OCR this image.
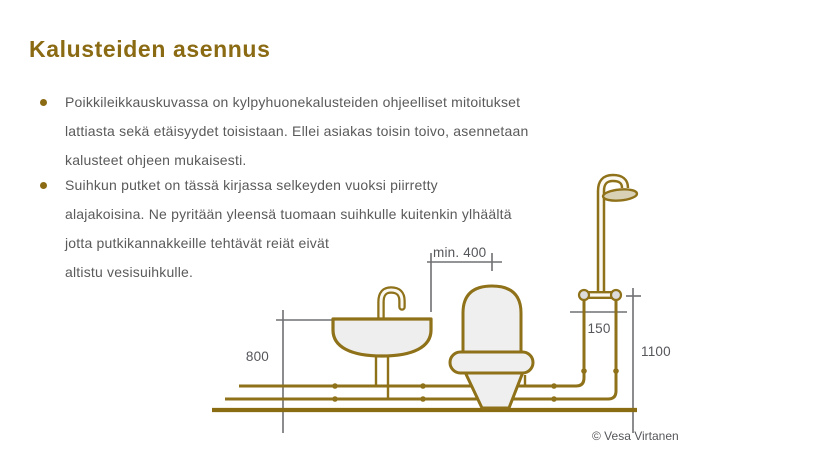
Kalusteiden asennus
Poikkileikkauskuvassa on kylpyhuonekalusteiden ohjeelliset mitoitukset
lattiasta sekä etäisyydet toisistaan. Ellei asiakas toisin toivo, asennetaan
kalusteet ohjeen mukaisesti.
Suihkun putket on tässä kirjassa selkeyden vuoksi piirretty
alajakoisina. Ne pyritään yleensä tuomaan suihkulle kuitenkin ylhäältä
jotta putkikannakkeille tehtävät reiät eivät
altistu vesisuihkulle.
800
min. 400
150
1100
© Vesa Virtanen
